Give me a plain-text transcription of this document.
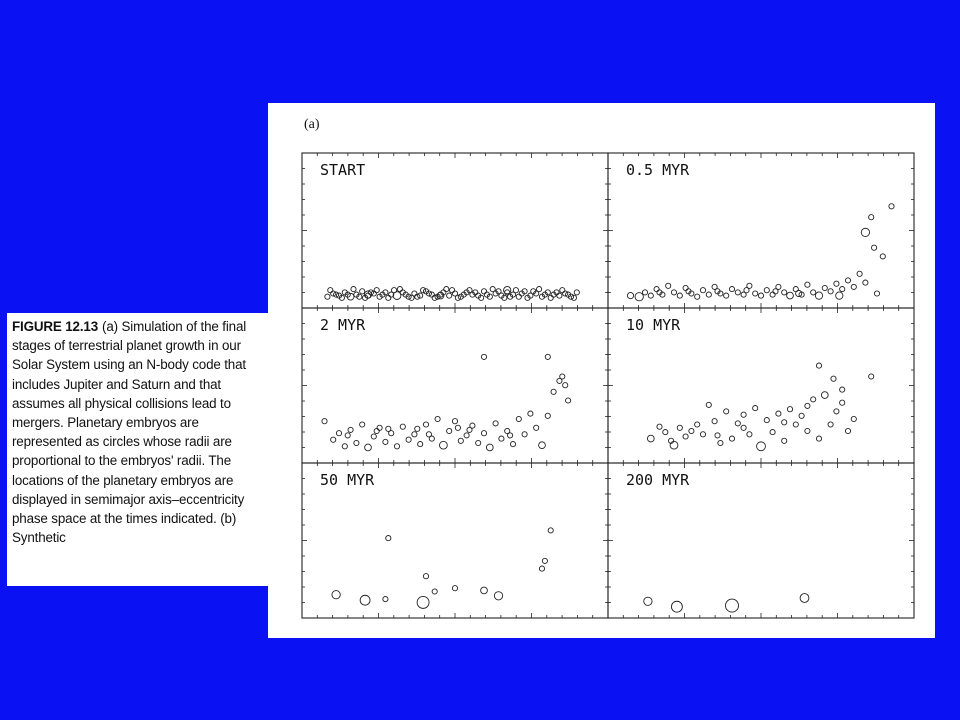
FIGURE 12.13 (a) Simulation of the final stages of terrestrial planet growth in our Solar System using an N-body code that includes Jupiter and Saturn and that assumes all physical collisions lead to mergers. Planetary embryos are represented as circles whose radii are proportional to the embryos' radii. The locations of the planetary embryos are displayed in semimajor axis–eccentricity phase space at the times indicated. (b) Synthetic

(a)
START	0.5 MYR
2 MYR	10 MYR
50 MYR	200 MYR
